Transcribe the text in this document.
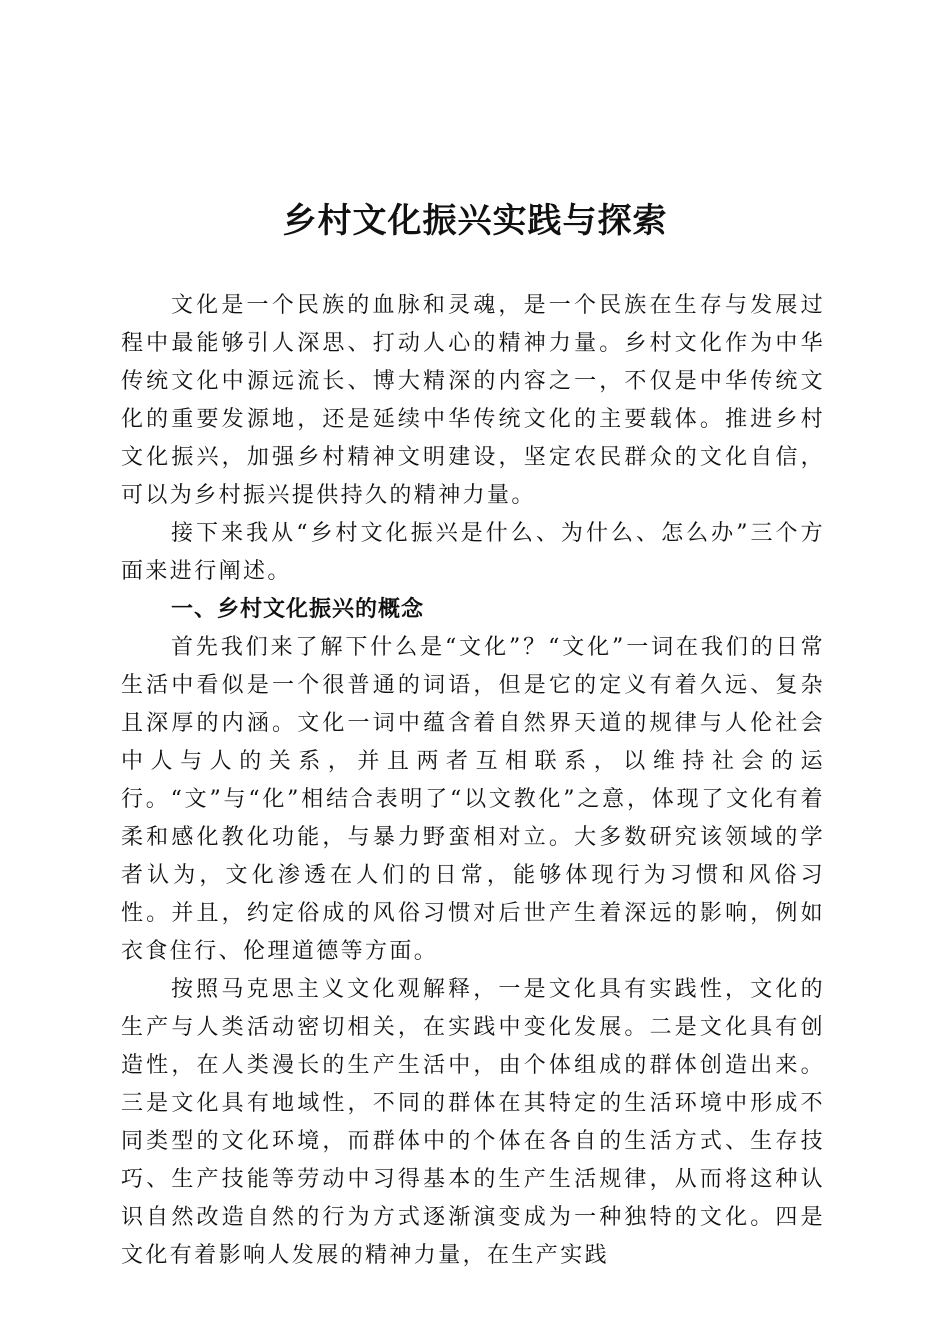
乡村文化振兴实践与探索

文化是一个民族的血脉和灵魂，是一个民族在生存与发展过程中最能够引人深思、打动人心的精神力量。乡村文化作为中华传统文化中源远流长、博大精深的内容之一，不仅是中华传统文化的重要发源地，还是延续中华传统文化的主要载体。推进乡村文化振兴，加强乡村精神文明建设，坚定农民群众的文化自信，可以为乡村振兴提供持久的精神力量。

接下来我从“乡村文化振兴是什么、为什么、怎么办”三个方面来进行阐述。

一、乡村文化振兴的概念

首先我们来了解下什么是“文化”？“文化”一词在我们的日常生活中看似是一个很普通的词语，但是它的定义有着久远、复杂且深厚的内涵。文化一词中蕴含着自然界天道的规律与人伦社会中人与人的关系，并且两者互相联系，以维持社会的运行。“文”与“化”相结合表明了“以文教化”之意，体现了文化有着柔和感化教化功能，与暴力野蛮相对立。大多数研究该领域的学者认为，文化渗透在人们的日常，能够体现行为习惯和风俗习性。并且，约定俗成的风俗习惯对后世产生着深远的影响，例如衣食住行、伦理道德等方面。

按照马克思主义文化观解释，一是文化具有实践性，文化的生产与人类活动密切相关，在实践中变化发展。二是文化具有创造性，在人类漫长的生产生活中，由个体组成的群体创造出来。三是文化具有地域性，不同的群体在其特定的生活环境中形成不同类型的文化环境，而群体中的个体在各自的生活方式、生存技巧、生产技能等劳动中习得基本的生产生活规律，从而将这种认识自然改造自然的行为方式逐渐演变成为一种独特的文化。四是文化有着影响人发展的精神力量，在生产实践
